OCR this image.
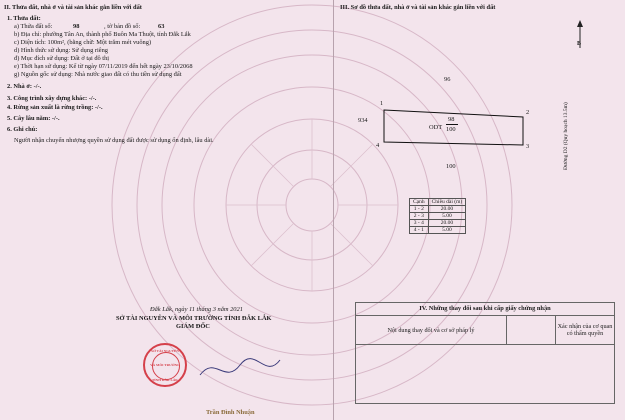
II. Thửa đất, nhà ở và tài sản khác gắn liền với đất
1. Thửa đất:
a) Thửa đất số:	98	, tờ bản đồ số:	63
b) Địa chỉ: phường Tân An, thành phố Buôn Ma Thuột, tỉnh Đắk Lắk
c) Diện tích: 100m², (bằng chữ: Một trăm mét vuông)
d) Hình thức sử dụng: Sử dụng riêng
đ) Mục đích sử dụng: Đất ở tại đô thị
e) Thời hạn sử dụng: Kể từ ngày 07/11/2019 đến hết ngày 23/10/2068
g) Nguồn gốc sử dụng: Nhà nước giao đất có thu tiền sử dụng đất
2. Nhà ở: -/-.
3. Công trình xây dựng khác: -/-.
4. Rừng sản xuất là rừng trồng: -/-.
5. Cây lâu năm: -/-.
6. Ghi chú:
Người nhận chuyển nhượng quyền sử dụng đất được sử dụng ổn định, lâu dài.
Đắk Lắk, ngày 11 tháng 3 năm 2021
SỞ TÀI NGUYÊN VÀ MÔI TRƯỜNG TỈNH ĐẮK LẮK
GIÁM ĐỐC
SỞ TÀI NGUYÊN
VÀ MÔI TRƯỜNG
TỈNH ĐẮK LẮK
Trần Đình Nhuận
III. Sơ đồ thửa đất, nhà ở và tài sản khác gắn liền với đất
B
96
934
100
ODT
98
100
1
2
3
4	Đường D2 (Quy hoạch 13.5m)
Cạnh	Chiều dài (m)
1 - 2	20.00
2 - 3	5.00
3 - 4	20.00
4 - 1	5.00
IV. Những thay đổi sau khi cấp giấy chứng nhận
Nội dung thay đổi và cơ sở pháp lý	Xác nhận của cơ quan có thẩm quyền
